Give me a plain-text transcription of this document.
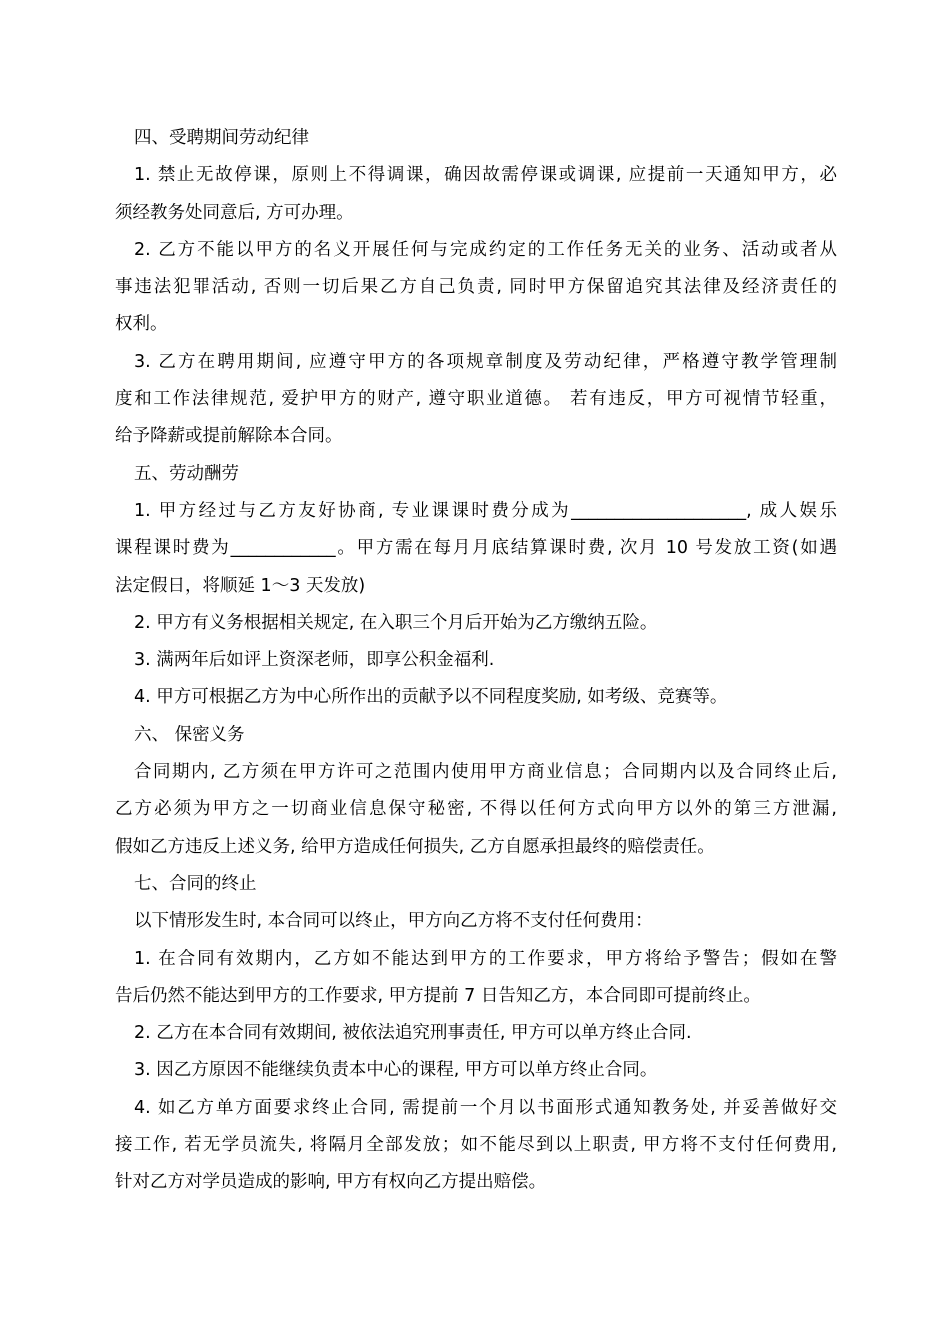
四、受聘期间劳动纪律
1. 禁止无故停课，原则上不得调课，确因故需停课或调课, 应提前一天通知甲方，必
须经教务处同意后, 方可办理。
2. 乙方不能以甲方的名义开展任何与完成约定的工作任务无关的业务、活动或者从
事违法犯罪活动, 否则一切后果乙方自己负责, 同时甲方保留追究其法律及经济责任的
权利。
3. 乙方在聘用期间, 应遵守甲方的各项规章制度及劳动纪律，严格遵守教学管理制
度和工作法律规范, 爱护甲方的财产, 遵守职业道德。 若有违反，甲方可视情节轻重，
给予降薪或提前解除本合同。
五、劳动酬劳
1. 甲方经过与乙方友好协商, 专业课课时费分成为____________________, 成人娱乐
课程课时费为____________。甲方需在每月月底结算课时费, 次月 10 号发放工资(如遇
法定假日，将顺延 1～3 天发放)
2. 甲方有义务根据相关规定, 在入职三个月后开始为乙方缴纳五险。
3. 满两年后如评上资深老师，即享公积金福利.
4. 甲方可根据乙方为中心所作出的贡献予以不同程度奖励, 如考级、竞赛等。
六、 保密义务
合同期内, 乙方须在甲方许可之范围内使用甲方商业信息；合同期内以及合同终止后,
乙方必须为甲方之一切商业信息保守秘密, 不得以任何方式向甲方以外的第三方泄漏,
假如乙方违反上述义务, 给甲方造成任何损失, 乙方自愿承担最终的赔偿责任。
七、合同的终止
以下情形发生时, 本合同可以终止，甲方向乙方将不支付任何费用：
1. 在合同有效期内，乙方如不能达到甲方的工作要求，甲方将给予警告；假如在警
告后仍然不能达到甲方的工作要求, 甲方提前 7 日告知乙方，本合同即可提前终止。
2. 乙方在本合同有效期间, 被依法追究刑事责任, 甲方可以单方终止合同.
3. 因乙方原因不能继续负责本中心的课程, 甲方可以单方终止合同。
4. 如乙方单方面要求终止合同, 需提前一个月以书面形式通知教务处, 并妥善做好交
接工作, 若无学员流失, 将隔月全部发放；如不能尽到以上职责, 甲方将不支付任何费用,
针对乙方对学员造成的影响, 甲方有权向乙方提出赔偿。
